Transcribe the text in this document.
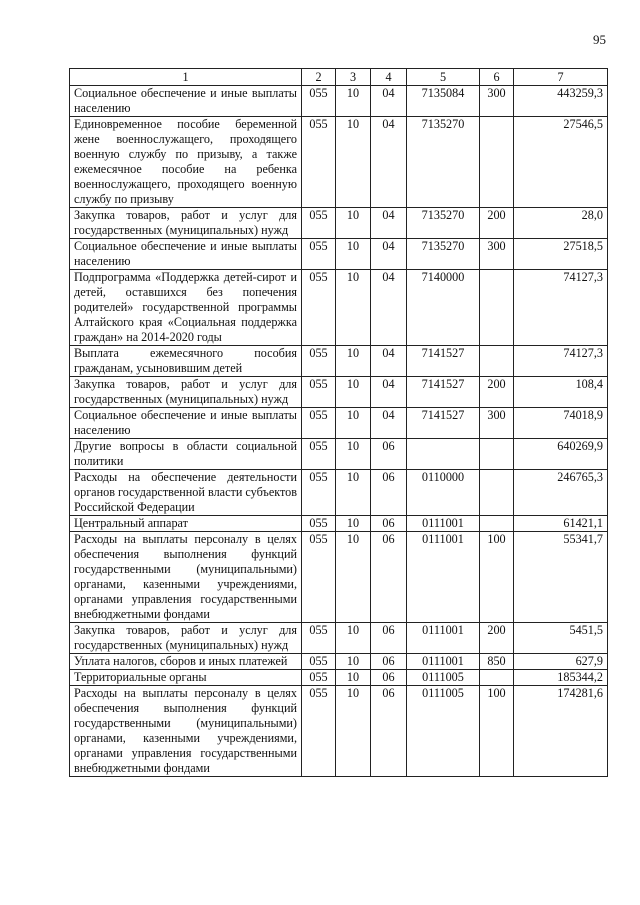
95
1	2	3	4	5	6	7
Социальное обеспечение и иные выплаты населению	055	10	04	7135084	300	443259,3
Единовременное пособие беременной жене военнослужащего, проходящего военную службу по призыву, а также ежемесячное пособие на ребенка военнослужащего, проходящего военную службу по призыву	055	10	04	7135270		27546,5
Закупка товаров, работ и услуг для государственных (муниципальных) нужд	055	10	04	7135270	200	28,0
Социальное обеспечение и иные выплаты населению	055	10	04	7135270	300	27518,5
Подпрограмма «Поддержка детей-сирот и детей, оставшихся без попечения родителей» государственной программы Алтайского края «Социальная поддержка граждан» на 2014-2020 годы	055	10	04	7140000		74127,3
Выплата ежемесячного пособия гражданам, усыновившим детей	055	10	04	7141527		74127,3
Закупка товаров, работ и услуг для государственных (муниципальных) нужд	055	10	04	7141527	200	108,4
Социальное обеспечение и иные выплаты населению	055	10	04	7141527	300	74018,9
Другие вопросы в области социальной политики	055	10	06			640269,9
Расходы на обеспечение деятельности органов государственной власти субъектов Российской Федерации	055	10	06	0110000		246765,3
Центральный аппарат	055	10	06	0111001		61421,1
Расходы на выплаты персоналу в целях обеспечения выполнения функций государственными (муниципальными) органами, казенными учреждениями, органами управления государственными внебюджетными фондами	055	10	06	0111001	100	55341,7
Закупка товаров, работ и услуг для государственных (муниципальных) нужд	055	10	06	0111001	200	5451,5
Уплата налогов, сборов и иных платежей	055	10	06	0111001	850	627,9
Территориальные органы	055	10	06	0111005		185344,2
Расходы на выплаты персоналу в целях обеспечения выполнения функций государственными (муниципальными) органами, казенными учреждениями, органами управления государственными внебюджетными фондами	055	10	06	0111005	100	174281,6
